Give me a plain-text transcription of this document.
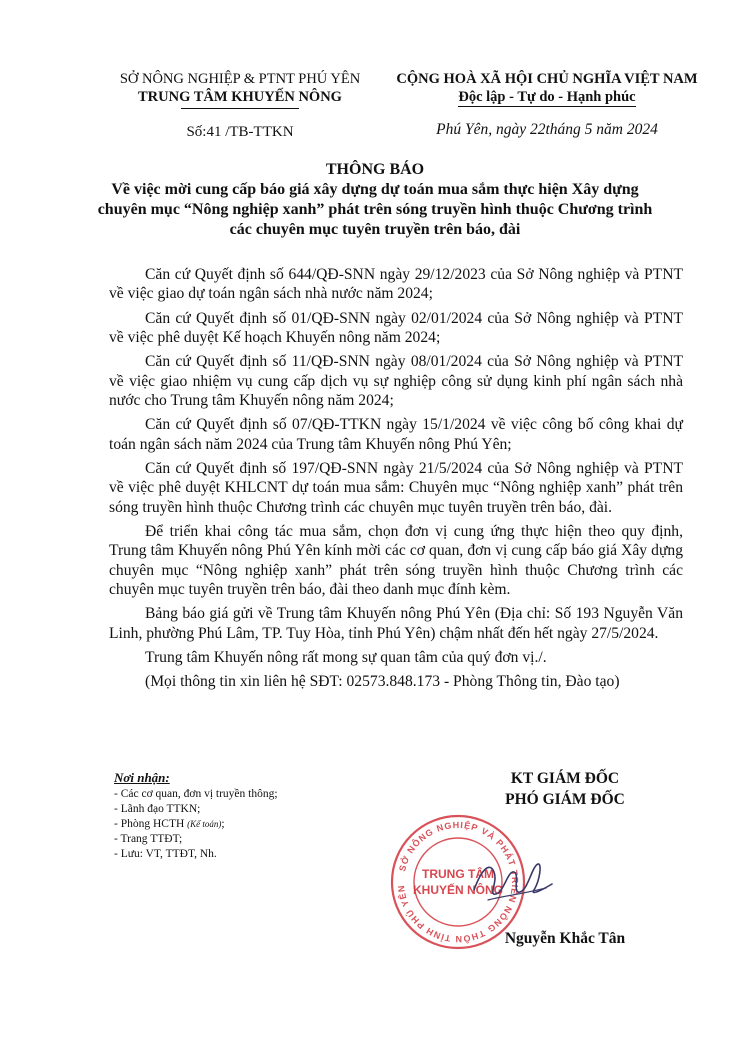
SỞ NÔNG NGHIỆP & PTNT PHÚ YÊN
TRUNG TÂM KHUYẾN NÔNG
Số:41 /TB-TTKN
CỘNG HOÀ XÃ HỘI CHỦ NGHĨA VIỆT NAM
Độc lập - Tự do - Hạnh phúc
Phú Yên, ngày 22tháng 5 năm 2024
THÔNG BÁO
Về việc mời cung cấp báo giá xây dựng dự toán mua sắm thực hiện Xây dựng chuyên mục “Nông nghiệp xanh” phát trên sóng truyền hình thuộc Chương trình các chuyên mục tuyên truyền trên báo, đài

Căn cứ Quyết định số 644/QĐ-SNN ngày 29/12/2023 của Sở Nông nghiệp và PTNT về việc giao dự toán ngân sách nhà nước năm 2024;

Căn cứ Quyết định số 01/QĐ-SNN ngày 02/01/2024 của Sở Nông nghiệp và PTNT về việc phê duyệt Kế hoạch Khuyến nông năm 2024;

Căn cứ Quyết định số 11/QĐ-SNN ngày 08/01/2024 của Sở Nông nghiệp và PTNT về việc giao nhiệm vụ cung cấp dịch vụ sự nghiệp công sử dụng kinh phí ngân sách nhà nước cho Trung tâm Khuyến nông năm 2024;

Căn cứ Quyết định số 07/QĐ-TTKN ngày 15/1/2024 về việc công bố công khai dự toán ngân sách năm 2024 của Trung tâm Khuyến nông Phú Yên;

Căn cứ Quyết định số 197/QĐ-SNN ngày 21/5/2024 của Sở Nông nghiệp và PTNT về việc phê duyệt KHLCNT dự toán mua sắm: Chuyên mục “Nông nghiệp xanh” phát trên sóng truyền hình thuộc Chương trình các chuyên mục tuyên truyền trên báo, đài.

Để triển khai công tác mua sắm, chọn đơn vị cung ứng thực hiện theo quy định, Trung tâm Khuyến nông Phú Yên kính mời các cơ quan, đơn vị cung cấp báo giá Xây dựng chuyên mục “Nông nghiệp xanh” phát trên sóng truyền hình thuộc Chương trình các chuyên mục tuyên truyền trên báo, đài theo danh mục đính kèm.

Bảng báo giá gửi về Trung tâm Khuyến nông Phú Yên (Địa chỉ: Số 193 Nguyễn Văn Linh, phường Phú Lâm, TP. Tuy Hòa, tỉnh Phú Yên) chậm nhất đến hết ngày 27/5/2024.

Trung tâm Khuyến nông rất mong sự quan tâm của quý đơn vị./.

(Mọi thông tin xin liên hệ SĐT: 02573.848.173 - Phòng Thông tin, Đào tạo)

Nơi nhận:
- Các cơ quan, đơn vị truyền thông;
- Lãnh đạo TTKN;
- Phòng HCTH (Kế toán);
- Trang TTĐT;
- Lưu: VT, TTĐT, Nh.
KT GIÁM ĐỐC
PHÓ GIÁM ĐỐC
Nguyễn Khắc Tân
SỞ NÔNG NGHIỆP VÀ PHÁT TRIỂN NÔNG THÔN TỈNH PHÚ YÊN
TRUNG TÂM
KHUYẾN NÔNG
